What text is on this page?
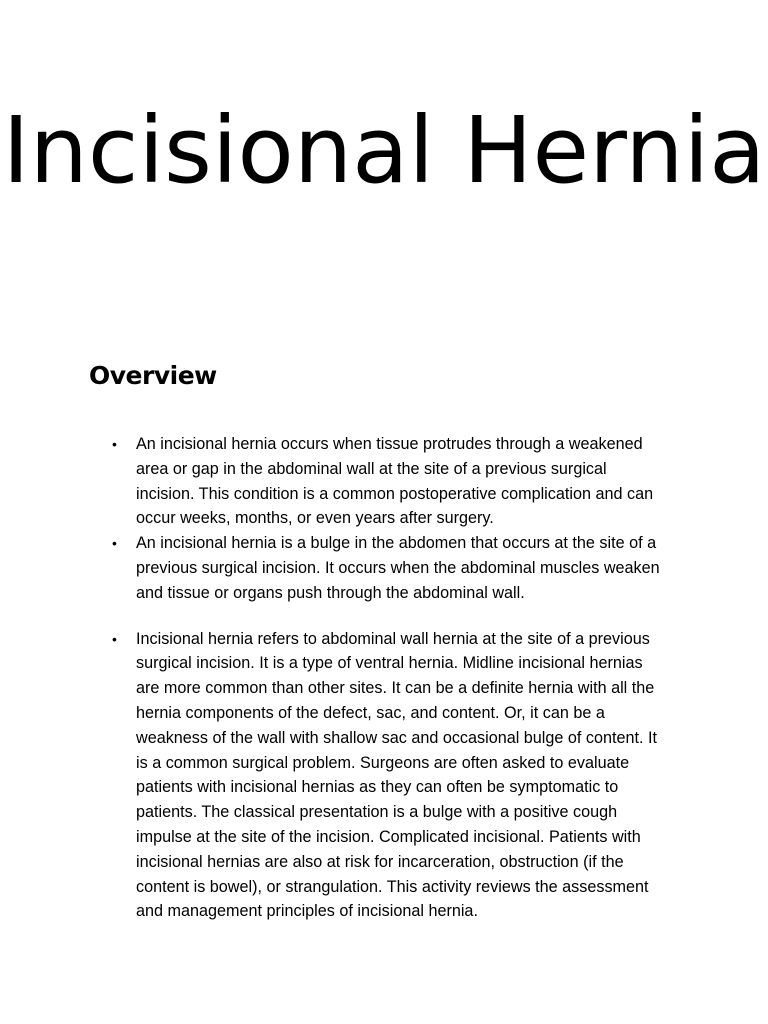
Incisional Hernia
Overview
• An incisional hernia occurs when tissue protrudes through a weakened area or gap in the abdominal wall at the site of a previous surgical incision. This condition is a common postoperative complication and can occur weeks, months, or even years after surgery.
• An incisional hernia is a bulge in the abdomen that occurs at the site of a previous surgical incision. It occurs when the abdominal muscles weaken and tissue or organs push through the abdominal wall.
• Incisional hernia refers to abdominal wall hernia at the site of a previous surgical incision. It is a type of ventral hernia. Midline incisional hernias are more common than other sites. It can be a definite hernia with all the hernia components of the defect, sac, and content. Or, it can be a weakness of the wall with shallow sac and occasional bulge of content. It is a common surgical problem. Surgeons are often asked to evaluate patients with incisional hernias as they can often be symptomatic to patients. The classical presentation is a bulge with a positive cough impulse at the site of the incision. Complicated incisional. Patients with incisional hernias are also at risk for incarceration, obstruction (if the content is bowel), or strangulation. This activity reviews the assessment and management principles of incisional hernia.
